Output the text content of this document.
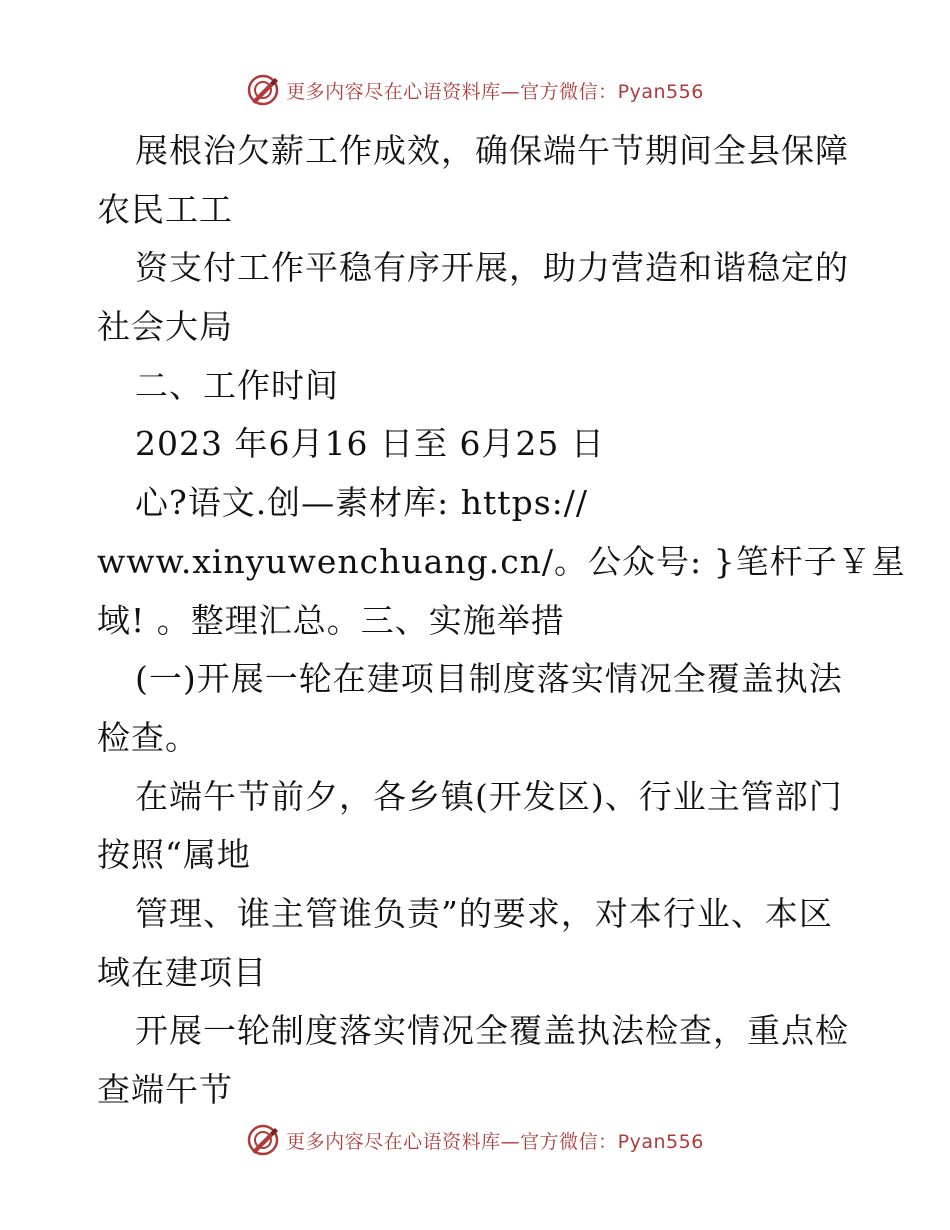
更多内容尽在心语资料库—官方微信：Pyan556
展根治欠薪工作成效，确保端午节期间全县保障
农民工工
资支付工作平稳有序开展，助力营造和谐稳定的
社会大局
二、工作时间
2023 年6月16 日至 6月25 日
心?语文.创—素材库: https://
www.xinyuwenchuang.cn/。公众号: }笔杆子￥星
域! 。整理汇总。三、实施举措
(一)开展一轮在建项目制度落实情况全覆盖执法
检查。
在端午节前夕，各乡镇(开发区)、行业主管部门
按照“属地
管理、谁主管谁负责”的要求，对本行业、本区
域在建项目
开展一轮制度落实情况全覆盖执法检查，重点检
查端午节
更多内容尽在心语资料库—官方微信：Pyan556
